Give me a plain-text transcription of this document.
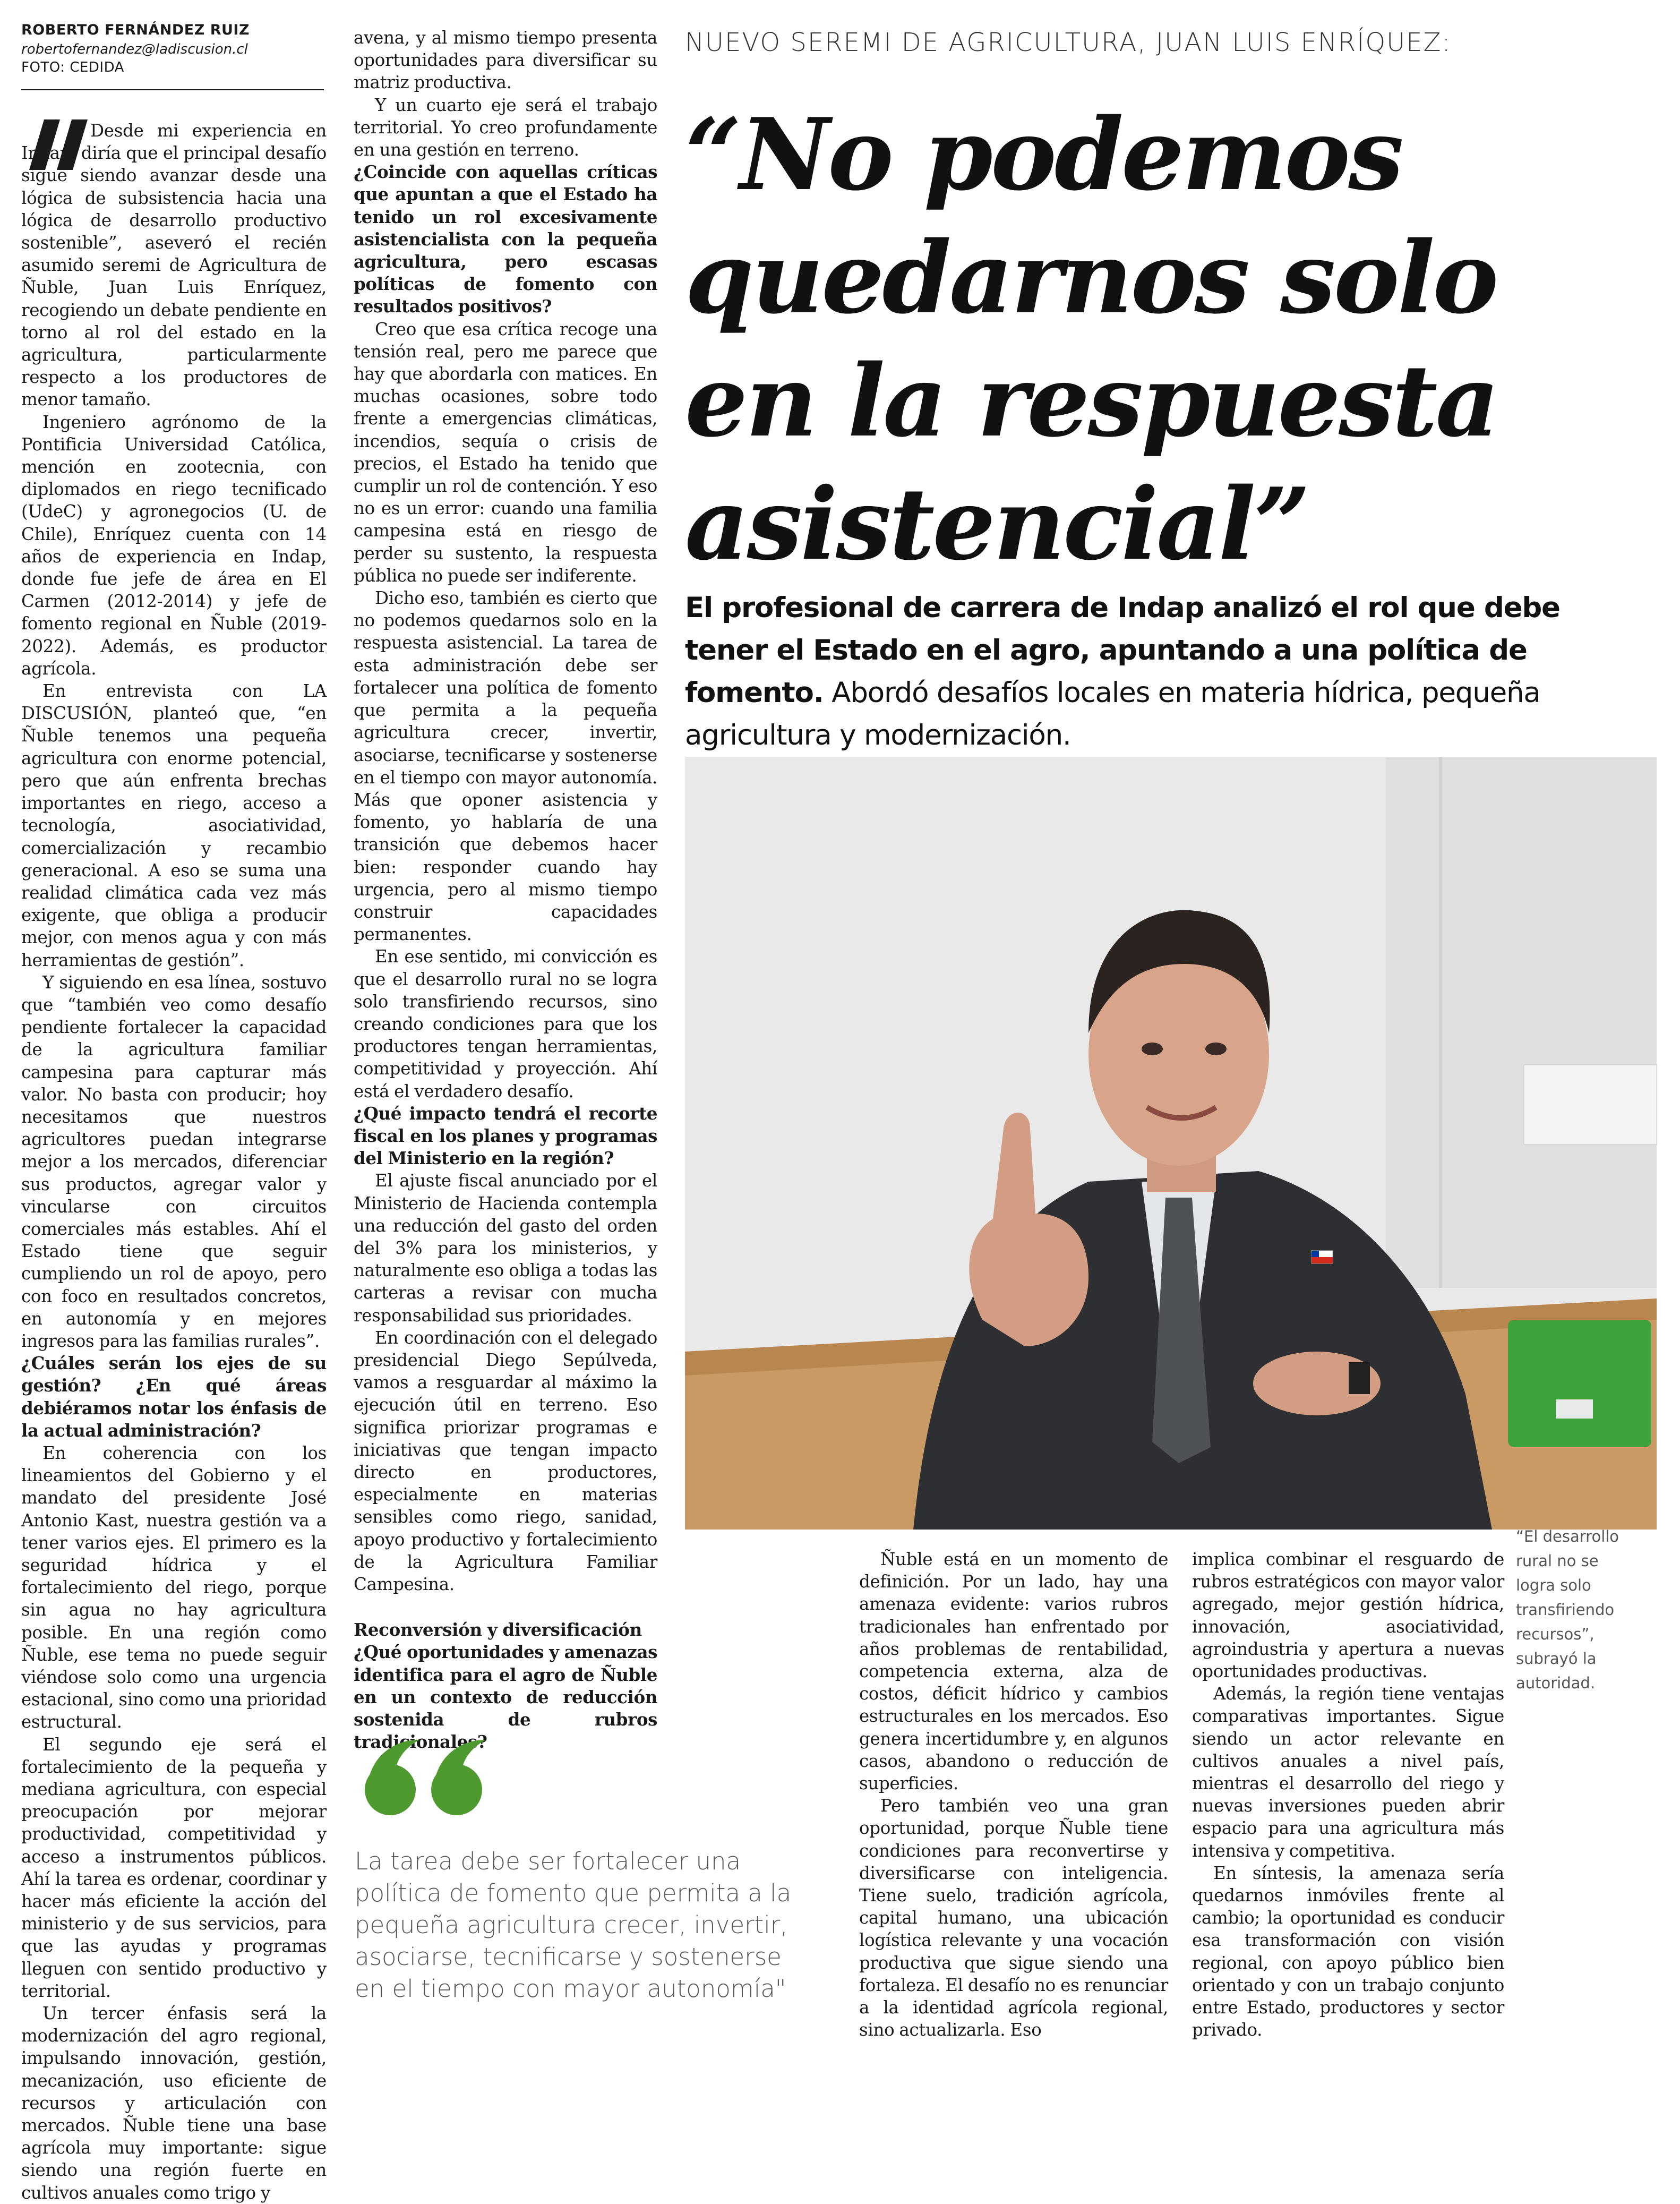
ROBERTO FERNÁNDEZ RUIZ
robertofernandez@ladiscusion.cl
FOTO: CEDIDA

Desde mi experiencia en Indap, diría que el principal desafío sigue siendo avanzar desde una lógica de subsistencia hacia una lógica de desarrollo productivo sostenible”, aseveró el recién asumido seremi de Agricultura de Ñuble, Juan Luis Enríquez, recogiendo un debate pendiente en torno al rol del estado en la agricultura, particularmente respecto a los productores de menor tamaño.

Ingeniero agrónomo de la Pontificia Universidad Católica, mención en zootecnia, con diplomados en riego tecnificado (UdeC) y agronegocios (U. de Chile), Enríquez cuenta con 14 años de experiencia en Indap, donde fue jefe de área en El Carmen (2012-2014) y jefe de fomento regional en Ñuble (2019-2022). Además, es productor agrícola.

En entrevista con LA DISCUSIÓN, planteó que, “en Ñuble tenemos una pequeña agricultura con enorme potencial, pero que aún enfrenta brechas importantes en riego, acceso a tecnología, asociatividad, comercialización y recambio generacional. A eso se suma una realidad climática cada vez más exigente, que obliga a producir mejor, con menos agua y con más herramientas de gestión”.

Y siguiendo en esa línea, sostuvo que “también veo como desafío pendiente fortalecer la capacidad de la agricultura familiar campesina para capturar más valor. No basta con producir; hoy necesitamos que nuestros agricultores puedan integrarse mejor a los mercados, diferenciar sus productos, agregar valor y vincularse con circuitos comerciales más estables. Ahí el Estado tiene que seguir cumpliendo un rol de apoyo, pero con foco en resultados concretos, en autonomía y en mejores ingresos para las familias rurales”.

¿Cuáles serán los ejes de su gestión? ¿En qué áreas debiéramos notar los énfasis de la actual administración?

En coherencia con los lineamientos del Gobierno y el mandato del presidente José Antonio Kast, nuestra gestión va a tener varios ejes. El primero es la seguridad hídrica y el fortalecimiento del riego, porque sin agua no hay agricultura posible. En una región como Ñuble, ese tema no puede seguir viéndose solo como una urgencia estacional, sino como una prioridad estructural.

El segundo eje será el fortalecimiento de la pequeña y mediana agricultura, con especial preocupación por mejorar productividad, competitividad y acceso a instrumentos públicos. Ahí la tarea es ordenar, coordinar y hacer más eficiente la acción del ministerio y de sus servicios, para que las ayudas y programas lleguen con sentido productivo y territorial.

Un tercer énfasis será la modernización del agro regional, impulsando innovación, gestión, mecanización, uso eficiente de recursos y articulación con mercados. Ñuble tiene una base agrícola muy importante: sigue siendo una región fuerte en cultivos anuales como trigo y

avena, y al mismo tiempo presenta oportunidades para diversificar su matriz productiva.

Y un cuarto eje será el trabajo territorial. Yo creo profundamente en una gestión en terreno.

¿Coincide con aquellas críticas que apuntan a que el Estado ha tenido un rol excesivamente asistencialista con la pequeña agricultura, pero escasas políticas de fomento con resultados positivos?

Creo que esa crítica recoge una tensión real, pero me parece que hay que abordarla con matices. En muchas ocasiones, sobre todo frente a emergencias climáticas, incendios, sequía o crisis de precios, el Estado ha tenido que cumplir un rol de contención. Y eso no es un error: cuando una familia campesina está en riesgo de perder su sustento, la respuesta pública no puede ser indiferente.

Dicho eso, también es cierto que no podemos quedarnos solo en la respuesta asistencial. La tarea de esta administración debe ser fortalecer una política de fomento que permita a la pequeña agricultura crecer, invertir, asociarse, tecnificarse y sostenerse en el tiempo con mayor autonomía. Más que oponer asistencia y fomento, yo hablaría de una transición que debemos hacer bien: responder cuando hay urgencia, pero al mismo tiempo construir capacidades permanentes.

En ese sentido, mi convicción es que el desarrollo rural no se logra solo transfiriendo recursos, sino creando condiciones para que los productores tengan herramientas, competitividad y proyección. Ahí está el verdadero desafío.

¿Qué impacto tendrá el recorte fiscal en los planes y programas del Ministerio en la región?

El ajuste fiscal anunciado por el Ministerio de Hacienda contempla una reducción del gasto del orden del 3% para los ministerios, y naturalmente eso obliga a todas las carteras a revisar con mucha responsabilidad sus prioridades.

En coordinación con el delegado presidencial Diego Sepúlveda, vamos a resguardar al máximo la ejecución útil en terreno. Eso significa priorizar programas e iniciativas que tengan impacto directo en productores, especialmente en materias sensibles como riego, sanidad, apoyo productivo y fortalecimiento de la Agricultura Familiar Campesina.

Reconversión y diversificación

¿Qué oportunidades y amenazas identifica para el agro de Ñuble en un contexto de reducción sostenida de rubros tradicionales?

NUEVO SEREMI DE AGRICULTURA, JUAN LUIS ENRÍQUEZ:
“No podemos
quedarnos solo
en la respuesta
asistencial”
El profesional de carrera de Indap analizó el rol que debe tener el Estado en el agro, apuntando a una política de fomento. Abordó desafíos locales en materia hídrica, pequeña agricultura y modernización.
La tarea debe ser fortalecer una política de fomento que permita a la pequeña agricultura crecer, invertir, asociarse, tecnificarse y sostenerse en el tiempo con mayor autonomía"

Ñuble está en un momento de definición. Por un lado, hay una amenaza evidente: varios rubros tradicionales han enfrentado por años problemas de rentabilidad, competencia externa, alza de costos, déficit hídrico y cambios estructurales en los mercados. Eso genera incertidumbre y, en algunos casos, abandono o reducción de superficies.

Pero también veo una gran oportunidad, porque Ñuble tiene condiciones para reconvertirse y diversificarse con inteligencia. Tiene suelo, tradición agrícola, capital humano, una ubicación logística relevante y una vocación productiva que sigue siendo una fortaleza. El desafío no es renunciar a la identidad agrícola regional, sino actualizarla. Eso

implica combinar el resguardo de rubros estratégicos con mayor valor agregado, mejor gestión hídrica, innovación, asociatividad, agroindustria y apertura a nuevas oportunidades productivas.

Además, la región tiene ventajas comparativas importantes. Sigue siendo un actor relevante en cultivos anuales a nivel país, mientras el desarrollo del riego y nuevas inversiones pueden abrir espacio para una agricultura más intensiva y competitiva.

En síntesis, la amenaza sería quedarnos inmóviles frente al cambio; la oportunidad es conducir esa transformación con visión regional, con apoyo público bien orientado y con un trabajo conjunto entre Estado, productores y sector privado.

“El desarrollo rural no se logra solo transfiriendo recursos”, subrayó la autoridad.
